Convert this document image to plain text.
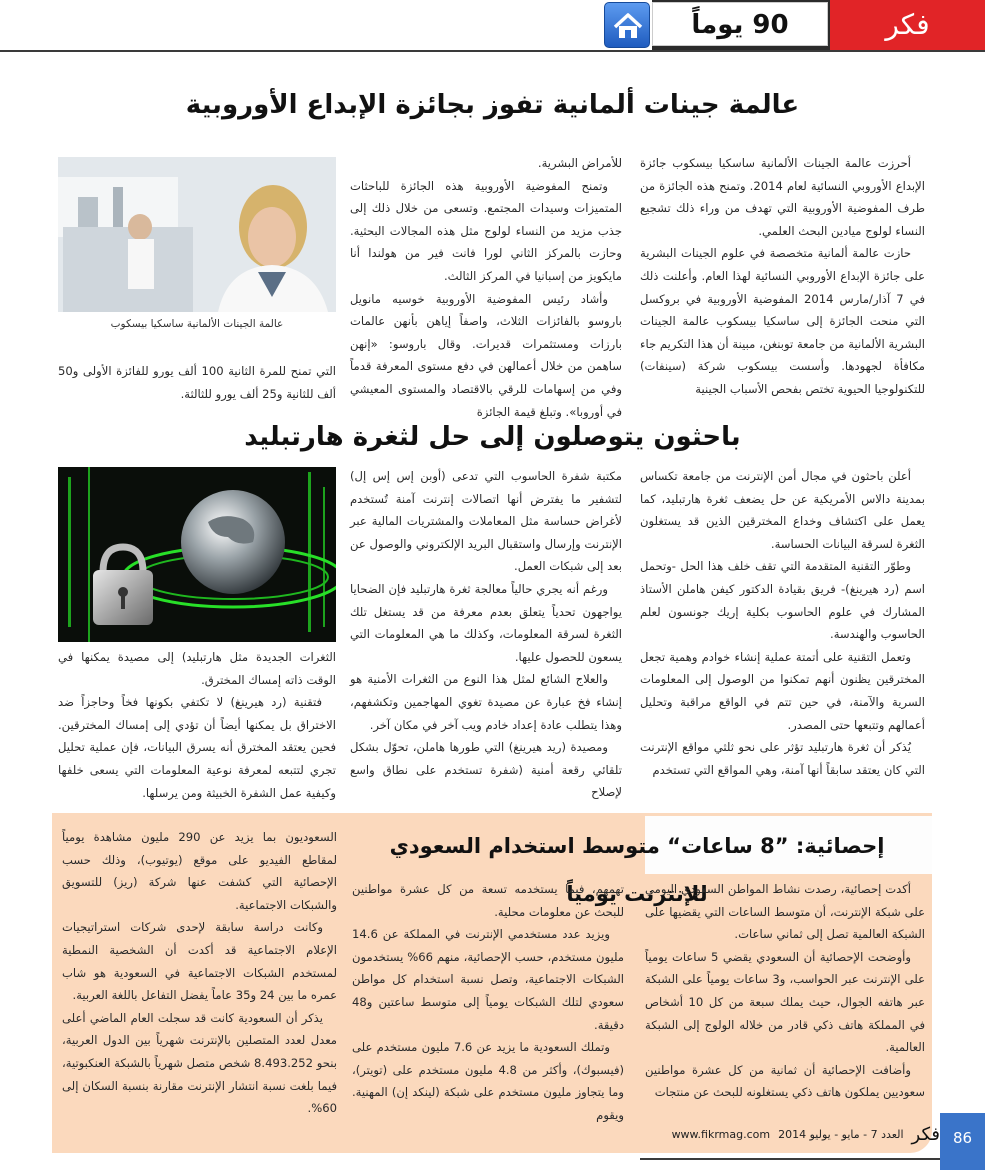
90 يوماً	فكر
عالمة جينات ألمانية تفوز بجائزة الإبداع الأوروبية

أحرزت عالمة الجينات الألمانية ساسكيا بيسكوب جائزة الإبداع الأوروبي النسائية لعام 2014. وتمنح هذه الجائزة من طرف المفوضية الأوروبية التي تهدف من وراء ذلك تشجيع النساء لولوج ميادين البحث العلمي.

حازت عالمة ألمانية متخصصة في علوم الجينات البشرية على جائزة الإبداع الأوروبي النسائية لهذا العام. وأعلنت ذلك في 7 آذار/مارس 2014 المفوضية الأوروبية في بروكسل التي منحت الجائزة إلى ساسكيا بيسكوب عالمة الجينات البشرية الألمانية من جامعة توبنغن، مبينة أن هذا التكريم جاء مكافأة لجهودها. وأسست بيسكوب شركة (سينفات) للتكنولوجيا الحيوية تختص بفحص الأسباب الجينية

للأمراض البشرية.

وتمنح المفوضية الأوروبية هذه الجائزة للباحثات المتميزات وسيدات المجتمع. وتسعى من خلال ذلك إلى جذب مزيد من النساء لولوج مثل هذه المجالات البحثية. وحازت بالمركز الثاني لورا فانت فير من هولندا أنا مايكويز من إسبانيا في المركز الثالث.

وأشاد رئيس المفوضية الأوروبية خوسيه مانويل باروسو بالفائزات الثلاث، واصفاً إياهن بأنهن عالمات بارزات ومستثمرات قديرات. وقال باروسو: «إنهن ساهمن من خلال أعمالهن في دفع مستوى المعرفة قدماً وفي من إسهامات للرقي بالاقتصاد والمستوى المعيشي في أوروبا». وتبلغ قيمة الجائزة

عالمة الجينات الألمانية ساسكيا بيسكوب

التي تمنح للمرة الثانية 100 ألف يورو للفائزة الأولى و50 ألف للثانية و25 ألف يورو للثالثة.

باحثون يتوصلون إلى حل لثغرة هارتبليد

أعلن باحثون في مجال أمن الإنترنت من جامعة تكساس بمدينة دالاس الأمريكية عن حل يضعف ثغرة هارتبليد، كما يعمل على اكتشاف وخداع المخترقين الذين قد يستغلون الثغرة لسرقة البيانات الحساسة.

وطوّر التقنية المتقدمة التي تقف خلف هذا الحل -وتحمل اسم (رد هيرينغ)- فريق بقيادة الدكتور كيفن هاملن الأستاذ المشارك في علوم الحاسوب بكلية إريك جونسون لعلم الحاسوب والهندسة.

وتعمل التقنية على أتمتة عملية إنشاء خوادم وهمية تجعل المخترقين يظنون أنهم تمكنوا من الوصول إلى المعلومات السرية والآمنة، في حين تتم في الواقع مراقبة وتحليل أعمالهم وتتبعها حتى المصدر.

يُذكر أن ثغرة هارتبليد تؤثر على نحو ثلثي مواقع الإنترنت التي كان يعتقد سابقاً أنها آمنة، وهي المواقع التي تستخدم

مكتبة شفرة الحاسوب التي تدعى (أوبن إس إس إل) لتشفير ما يفترض أنها اتصالات إنترنت آمنة تُستخدم لأغراض حساسة مثل المعاملات والمشتريات المالية عبر الإنترنت وإرسال واستقبال البريد الإلكتروني والوصول عن بعد إلى شبكات العمل.

ورغم أنه يجري حالياً معالجة ثغرة هارتبليد فإن الضحايا يواجهون تحدياً يتعلق بعدم معرفة من قد يستغل تلك الثغرة لسرقة المعلومات، وكذلك ما هي المعلومات التي يسعون للحصول عليها.

والعلاج الشائع لمثل هذا النوع من الثغرات الأمنية هو إنشاء فخ عبارة عن مصيدة تغوي المهاجمين وتكشفهم، وهذا يتطلب عادة إعداد خادم ويب آخر في مكان آخر.

ومصيدة (ريد هيرينغ) التي طورها هاملن، تحوّل بشكل تلقائي رقعة أمنية (شفرة تستخدم على نطاق واسع لإصلاح

الثغرات الجديدة مثل هارتبليد) إلى مصيدة يمكنها في الوقت ذاته إمساك المخترق.

فتقنية (رد هيرينغ) لا تكتفي بكونها فخاً وحاجزاً ضد الاختراق بل يمكنها أيضاً أن تؤدي إلى إمساك المخترقين. فحين يعتقد المخترق أنه يسرق البيانات، فإن عملية تحليل تجري لتتبعه لمعرفة نوعية المعلومات التي يسعى خلفها وكيفية عمل الشفرة الخبيثة ومن يرسلها.

إحصائية: ”8 ساعات“ متوسط استخدام السعودي للإنترنت يومياً

أكدت إحصائية، رصدت نشاط المواطن السعودي اليومي على شبكة الإنترنت، أن متوسط الساعات التي يقضيها على الشبكة العالمية تصل إلى ثماني ساعات.

وأوضحت الإحصائية أن السعودي يقضي 5 ساعات يومياً على الإنترنت عبر الحواسب، و3 ساعات يومياً على الشبكة عبر هاتفه الجوال، حيث يملك سبعة من كل 10 أشخاص في المملكة هاتف ذكي قادر من خلاله الولوج إلى الشبكة العالمية.

وأضافت الإحصائية أن ثمانية من كل عشرة مواطنين سعوديين يملكون هاتف ذكي يستغلونه للبحث عن منتجات

تهمهم، فيما يستخدمه تسعة من كل عشرة مواطنين للبحث عن معلومات محلية.

ويزيد عدد مستخدمي الإنترنت في المملكة عن 14.6 مليون مستخدم، حسب الإحصائية، منهم 66% يستخدمون الشبكات الاجتماعية، وتصل نسبة استخدام كل مواطن سعودي لتلك الشبكات يومياً إلى متوسط ساعتين و48 دقيقة.

وتملك السعودية ما يزيد عن 7.6 مليون مستخدم على (فيسبوك)، وأكثر من 4.8 مليون مستخدم على (تويتر)، وما يتجاوز مليون مستخدم على شبكة (لينكد إن) المهنية. ويقوم

السعوديون بما يزيد عن 290 مليون مشاهدة يومياً لمقاطع الفيديو على موقع (يوتيوب)، وذلك حسب الإحصائية التي كشفت عنها شركة (ريز) للتسويق والشبكات الاجتماعية.

وكانت دراسة سابقة لإحدى شركات استراتيجيات الإعلام الاجتماعية قد أكدت أن الشخصية النمطية لمستخدم الشبكات الاجتماعية في السعودية هو شاب عمره ما بين 24 و35 عاماً يفضل التفاعل باللغة العربية.

يذكر أن السعودية كانت قد سجلت العام الماضي أعلى معدل لعدد المتصلين بالإنترنت شهرياً بين الدول العربية، بنحو 8.493.252 شخص متصل شهرياً بالشبكة العنكبوتية، فيما بلغت نسبة انتشار الإنترنت مقارنة بنسبة السكان إلى 60%.

فكر
العدد 7 - مايو - يوليو 2014
www.fikrmag.com	86
